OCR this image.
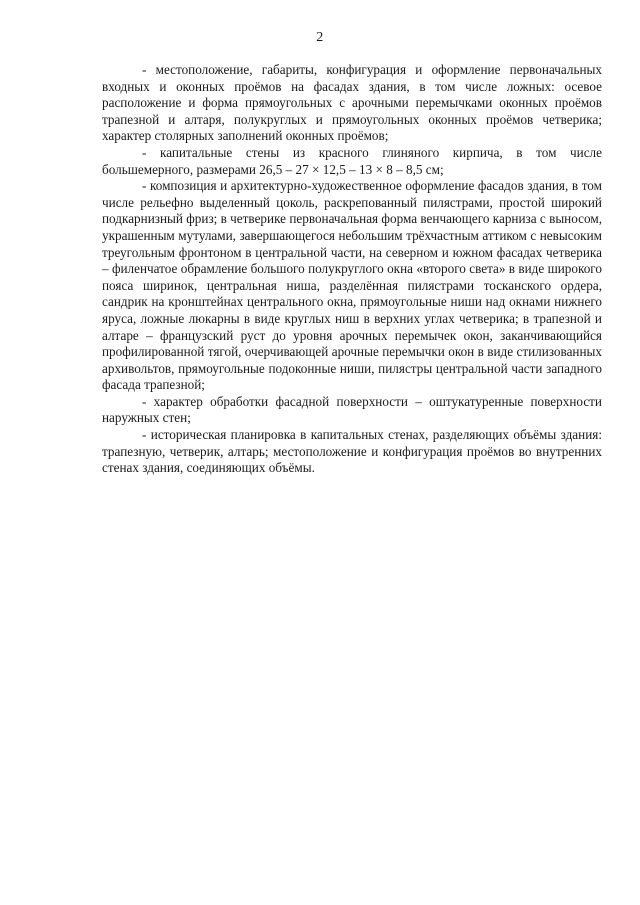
2

- местоположение, габариты, конфигурация и оформление первоначальных входных и оконных проёмов на фасадах здания, в том числе ложных: осевое расположение и форма прямоугольных с арочными перемычками оконных проёмов трапезной и алтаря, полукруглых и прямоугольных оконных проёмов четверика; характер столярных заполнений оконных проёмов;

- капитальные стены из красного глиняного кирпича, в том числе большемерного, размерами 26,5 – 27 × 12,5 – 13 × 8 – 8,5 см;

- композиция и архитектурно-художественное оформление фасадов здания, в том числе рельефно выделенный цоколь, раскрепованный пилястрами, простой широкий подкарнизный фриз; в четверике первоначальная форма венчающего карниза с выносом, украшенным мутулами, завершающегося небольшим трёхчастным аттиком с невысоким треугольным фронтоном в центральной части, на северном и южном фасадах четверика – филенчатое обрамление большого полукруглого окна «второго света» в виде широкого пояса ширинок, центральная ниша, разделённая пилястрами тосканского ордера, сандрик на кронштейнах центрального окна, прямоугольные ниши над окнами нижнего яруса, ложные люкарны в виде круглых ниш в верхних углах четверика; в трапезной и алтаре – французский руст до уровня арочных перемычек окон, заканчивающийся профилированной тягой, очерчивающей арочные перемычки окон в виде стилизованных архивольтов, прямоугольные подоконные ниши, пилястры центральной части западного фасада трапезной;

- характер обработки фасадной поверхности – оштукатуренные поверхности наружных стен;

- историческая планировка в капитальных стенах, разделяющих объёмы здания: трапезную, четверик, алтарь; местоположение и конфигурация проёмов во внутренних стенах здания, соединяющих объёмы.
